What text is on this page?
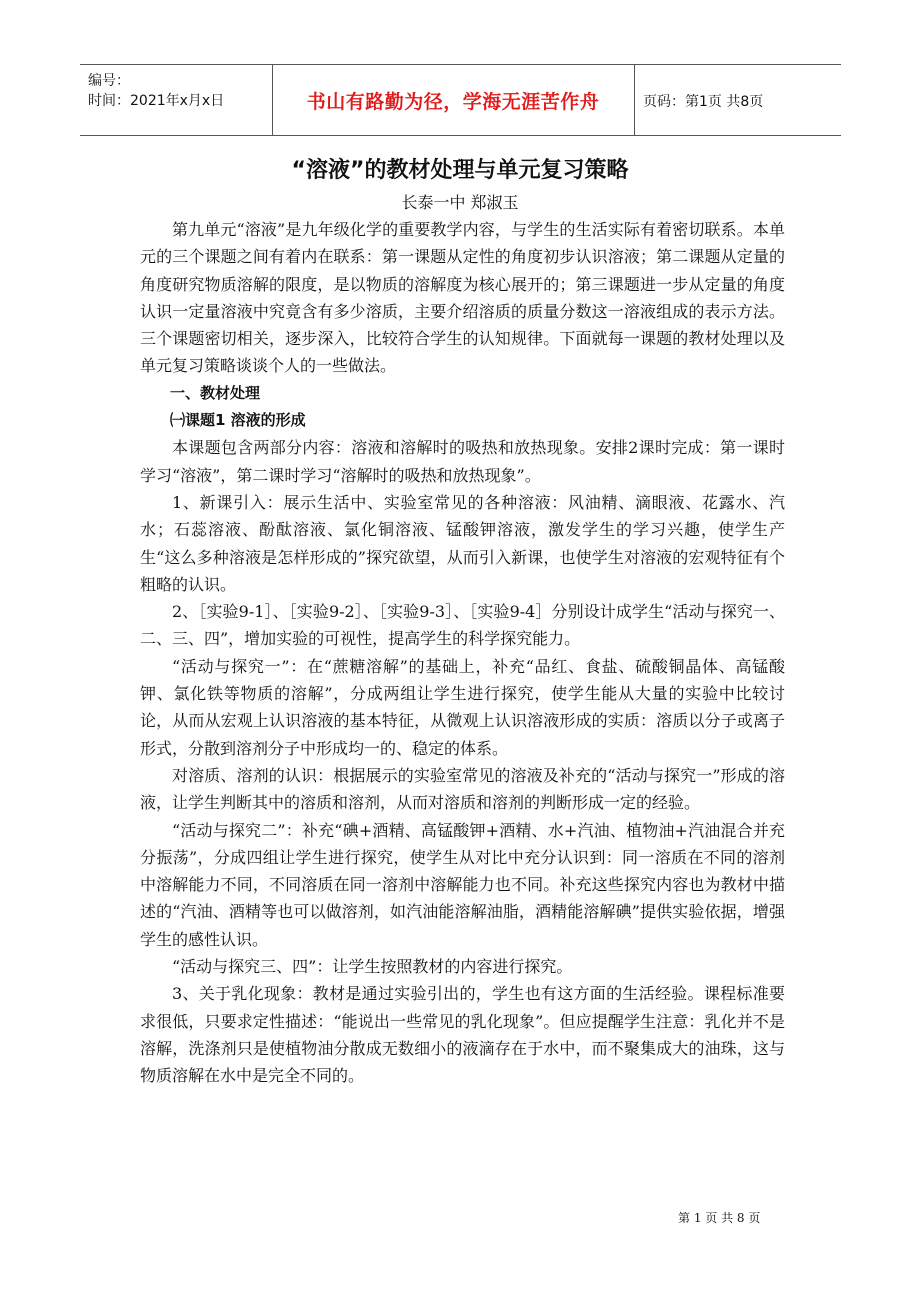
编号：
时间：2021年x月x日	书山有路勤为径，学海无涯苦作舟	页码：第1页 共8页
“溶液”的教材处理与单元复习策略
长泰一中 郑淑玉

第九单元“溶液”是九年级化学的重要教学内容，与学生的生活实际有着密切联系。本单元的三个课题之间有着内在联系：第一课题从定性的角度初步认识溶液；第二课题从定量的角度研究物质溶解的限度，是以物质的溶解度为核心展开的；第三课题进一步从定量的角度认识一定量溶液中究竟含有多少溶质，主要介绍溶质的质量分数这一溶液组成的表示方法。三个课题密切相关，逐步深入，比较符合学生的认知规律。下面就每一课题的教材处理以及单元复习策略谈谈个人的一些做法。

一、教材处理

㈠课题1 溶液的形成

本课题包含两部分内容：溶液和溶解时的吸热和放热现象。安排2课时完成：第一课时学习“溶液”，第二课时学习“溶解时的吸热和放热现象”。

1、新课引入：展示生活中、实验室常见的各种溶液：风油精、滴眼液、花露水、汽水；石蕊溶液、酚酞溶液、氯化铜溶液、锰酸钾溶液，激发学生的学习兴趣，使学生产生“这么多种溶液是怎样形成的”探究欲望，从而引入新课，也使学生对溶液的宏观特征有个粗略的认识。

2、［实验9-1］、［实验9-2］、［实验9-3］、［实验9-4］分别设计成学生“活动与探究一、二、三、四”，增加实验的可视性，提高学生的科学探究能力。

“活动与探究一”：在“蔗糖溶解”的基础上，补充“品红、食盐、硫酸铜晶体、高锰酸钾、氯化铁等物质的溶解”，分成两组让学生进行探究，使学生能从大量的实验中比较讨论，从而从宏观上认识溶液的基本特征，从微观上认识溶液形成的实质：溶质以分子或离子形式，分散到溶剂分子中形成均一的、稳定的体系。

对溶质、溶剂的认识：根据展示的实验室常见的溶液及补充的“活动与探究一”形成的溶液，让学生判断其中的溶质和溶剂，从而对溶质和溶剂的判断形成一定的经验。

“活动与探究二”：补充“碘+酒精、高锰酸钾+酒精、水+汽油、植物油+汽油混合并充分振荡”，分成四组让学生进行探究，使学生从对比中充分认识到：同一溶质在不同的溶剂中溶解能力不同，不同溶质在同一溶剂中溶解能力也不同。补充这些探究内容也为教材中描述的“汽油、酒精等也可以做溶剂，如汽油能溶解油脂，酒精能溶解碘”提供实验依据，增强学生的感性认识。

“活动与探究三、四”：让学生按照教材的内容进行探究。

3、关于乳化现象：教材是通过实验引出的，学生也有这方面的生活经验。课程标准要求很低，只要求定性描述：“能说出一些常见的乳化现象”。但应提醒学生注意：乳化并不是溶解，洗涤剂只是使植物油分散成无数细小的液滴存在于水中，而不聚集成大的油珠，这与物质溶解在水中是完全不同的。

第 1 页 共 8 页
